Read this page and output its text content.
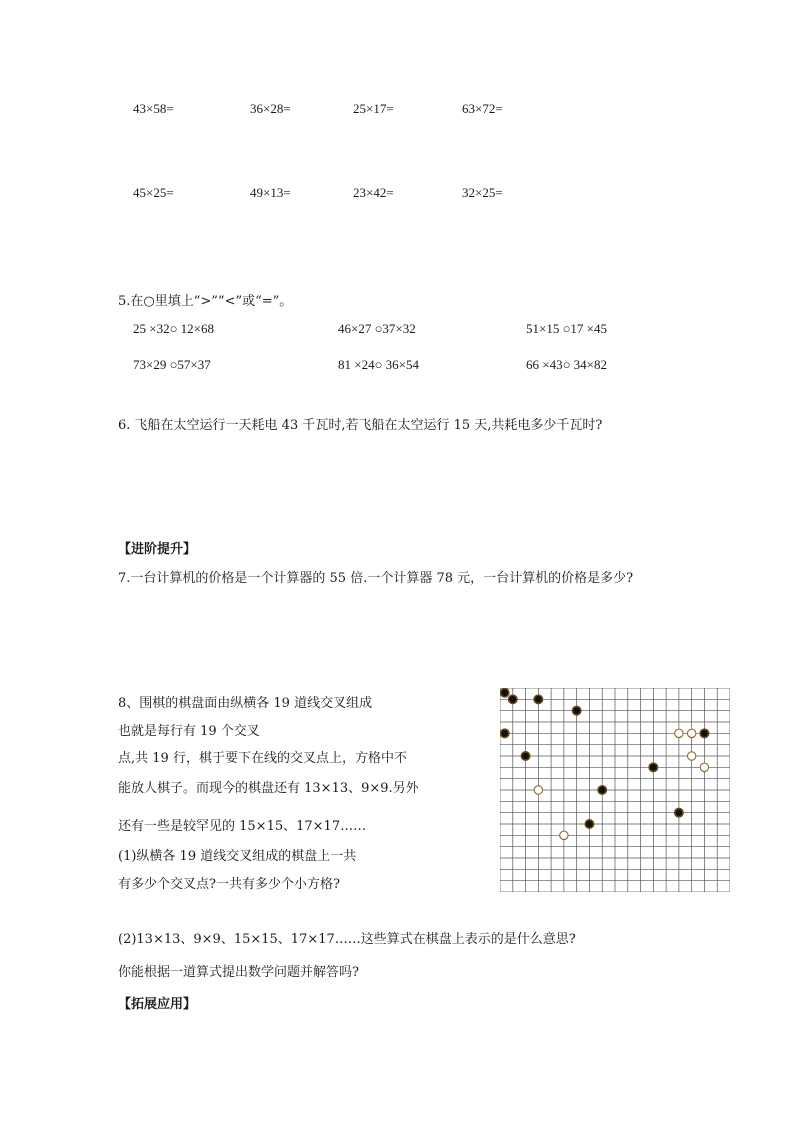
43×58=	36×28=	25×17=	63×72=
45×25=	49×13=	23×42=	32×25=
5.在○里填上“>”“<”或“=”。
25 ×32○ 12×68	46×27 ○37×32	51×15 ○17 ×45
73×29 ○57×37	81 ×24○ 36×54	66 ×43○ 34×82
6. 飞船在太空运行一天耗电 43 千瓦时,若飞船在太空运行 15 天,共耗电多少千瓦时?
【进阶提升】
7.一台计算机的价格是一个计算器的 55 倍.一个计算器 78 元，一台计算机的价格是多少?
8、围棋的棋盘面由纵横各 19 道线交叉组成
也就是每行有 19 个交叉
点,共 19 行，棋于要下在线的交叉点上，方格中不
能放人棋子。而现今的棋盘还有 13×13、9×9.另外
还有一些是较罕见的 15×15、17×17……
(1)纵横各 19 道线交叉组成的棋盘上一共
有多少个交叉点?一共有多少个小方格?
(2)13×13、9×9、15×15、17×17……这些算式在棋盘上表示的是什么意思?
你能根据一道算式提出数学问题并解答吗?
【拓展应用】
